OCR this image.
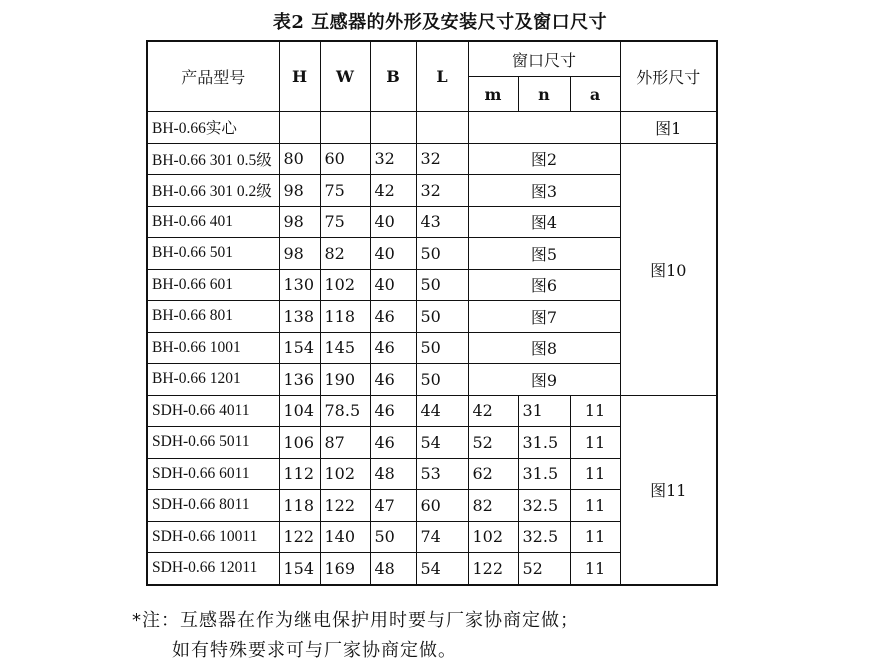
表2 互感器的外形及安装尺寸及窗口尺寸
产品型号	H	W	B	L	窗口尺寸			外形尺寸
					m	n	a	
BH-0.66实心								图1
BH-0.66 301 0.5级	80	60	32	32	图2			图10
BH-0.66 301 0.2级	98	75	42	32	图3			
BH-0.66 401	98	75	40	43	图4			
BH-0.66 501	98	82	40	50	图5			
BH-0.66 601	130	102	40	50	图6			
BH-0.66 801	138	118	46	50	图7			
BH-0.66 1001	154	145	46	50	图8			
BH-0.66 1201	136	190	46	50	图9			
SDH-0.66 4011	104	78.5	46	44	42	31	11	图11
SDH-0.66 5011	106	87	46	54	52	31.5	11	
SDH-0.66 6011	112	102	48	53	62	31.5	11	
SDH-0.66 8011	118	122	47	60	82	32.5	11	
SDH-0.66 10011	122	140	50	74	102	32.5	11	
SDH-0.66 12011	154	169	48	54	122	52	11	
*注：互感器在作为继电保护用时要与厂家协商定做；
如有特殊要求可与厂家协商定做。
